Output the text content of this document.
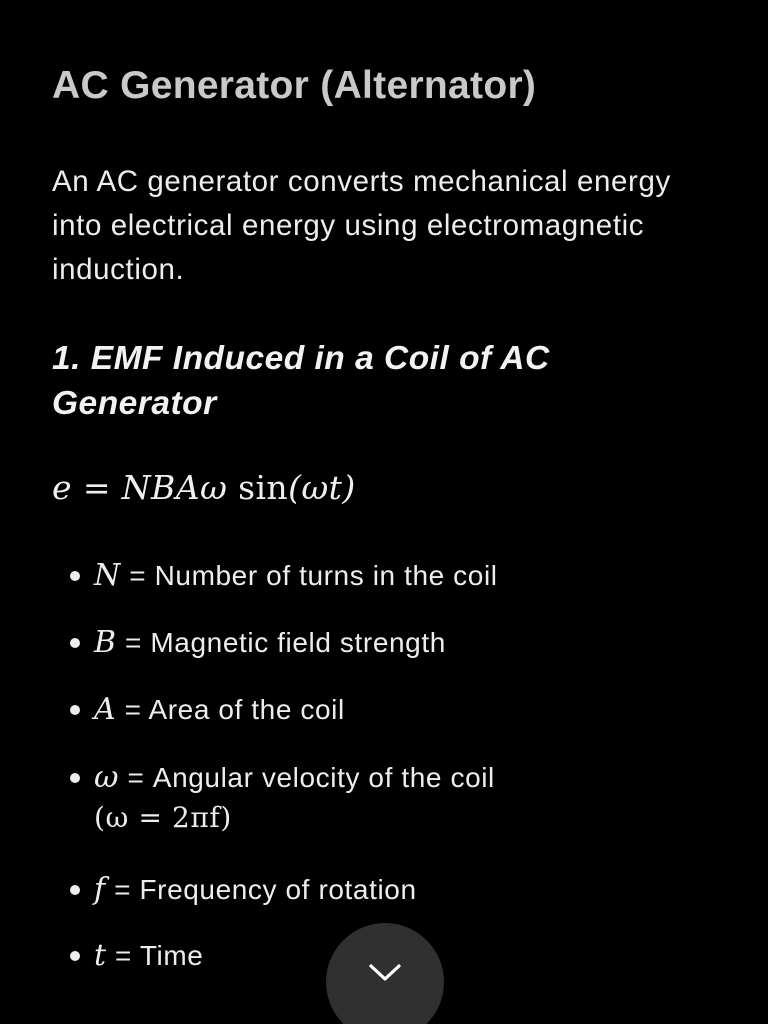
AC Generator (Alternator)

An AC generator converts mechanical energy into electrical energy using electromagnetic induction.

1. EMF Induced in a Coil of AC Generator
e = NBAω sin(ωt)
N = Number of turns in the coil
B = Magnetic field strength
A = Area of the coil
ω = Angular velocity of the coil
(ω = 2πf)
f = Frequency of rotation
t = Time
